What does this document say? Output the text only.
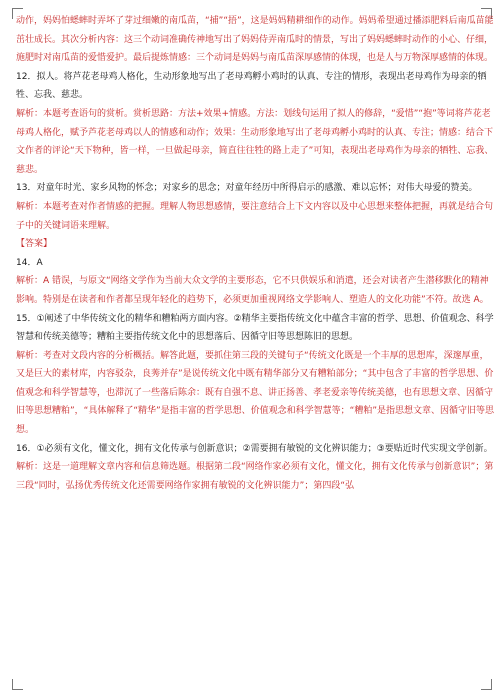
动作，妈妈怕蟋蟀时弄坏了芽过细嫩的南瓜苗，“捕”“捂”，这是妈妈精耕细作的动作。妈妈希望通过播添肥料后南瓜苗能茁壮成长。其次分析内容：这三个动词准确传神地写出了妈妈侍弄南瓜时的情景，写出了妈妈蟋蟀时动作的小心、仔细，施肥时对南瓜苗的爱惜爱护。最后提炼情感：三个动词是妈妈与南瓜苗深厚感情的体现，也是人与万物深厚感情的体现。

12．拟人。将芦花老母鸡人格化，生动形象地写出了老母鸡孵小鸡时的认真、专注的情形，表现出老母鸡作为母亲的牺牲、忘我、慈悲。

解析：本题考查语句的赏析。赏析思路：方法+效果+情感。方法：划线句运用了拟人的修辞，“爱惜”“抱”等词将芦花老母鸡人格化，赋予芦花老母鸡以人的情感和动作；效果：生动形象地写出了老母鸡孵小鸡时的认真、专注；情感：结合下文作者的评论“天下物种，皆一样，一旦做起母亲，简直往往牲的路上走了”可知，表现出老母鸡作为母亲的牺牲、忘我、慈悲。

13．对童年时光、家乡风物的怀念；对家乡的思念；对童年经历中所得启示的感激、难以忘怀；对伟大母爱的赞美。

解析：本题考查对作者情感的把握。理解人物思想感情，要注意结合上下文内容以及中心思想来整体把握，再就是结合句子中的关键词语来理解。

【答案】

14．A

解析：A 错误，与原文“网络文学作为当前大众文学的主要形态，它不只供娱乐和消遣，还会对读者产生潜移默化的精神影响。特别是在读者和作者都呈现年轻化的趋势下，必须更加重视网络文学影响人、塑造人的文化功能”不符。故选 A。

15．①阐述了中华传统文化的精华和糟粕两方面内容。②精华主要指传统文化中蕴含丰富的哲学、思想、价值观念、科学智慧和传统美德等；糟粕主要指传统文化中的思想落后、因循守旧等思想陈旧的思想。

解析：考查对文段内容的分析概括。解答此题，要抓住第三段的关键句子“传统文化既是一个丰厚的思想库，深邃厚重，又是巨大的素材库，内容驳杂，良莠并存”是说传统文化中既有精华部分又有糟粕部分；“其中包含了丰富的哲学思想、价值观念和科学智慧等，也滞沉了一些落后陈余：既有自强不息、讲正扬善、孝老爱亲等传统美德，也有思想文章、因循守旧等思想糟粕”，“具体解释了“精华”是指丰富的哲学思想、价值观念和科学智慧等；“糟粕”是指思想文章、因循守旧等思想。

16．①必须有文化，懂文化，拥有文化传承与创新意识；②需要拥有敏锐的文化辨识能力；③要贴近时代实现文学创新。

解析：这是一道理解文章内容和信息筛选题。根据第二段“网络作家必须有文化，懂文化，拥有文化传承与创新意识”；第三段“同时，弘扬优秀传统文化还需要网络作家拥有敏锐的文化辨识能力”；第四段“弘
